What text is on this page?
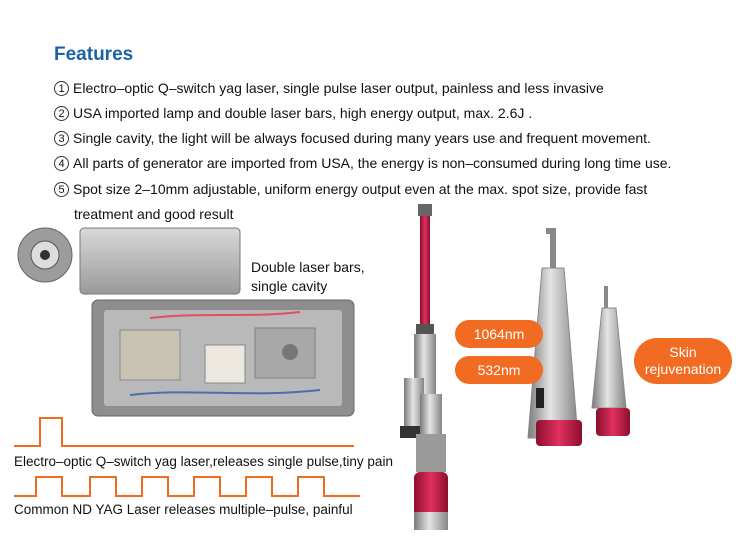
Features
1 Electro–optic Q–switch yag laser, single pulse laser output, painless and less invasive
2 USA imported lamp and double laser bars, high energy output, max. 2.6J .
3 Single cavity, the light will be always focused during many years use and frequent movement.
4 All parts of generator are imported from USA, the energy is non–consumed during long time use.
5 Spot size 2–10mm adjustable, uniform energy output even at the max. spot size, provide fast
treatment and good result
Double laser bars,
single cavity
1064nm
532nm
Skin
rejuvenation
Electro–optic Q–switch yag laser,releases single pulse,tiny pain
Common ND YAG Laser releases multiple–pulse, painful
